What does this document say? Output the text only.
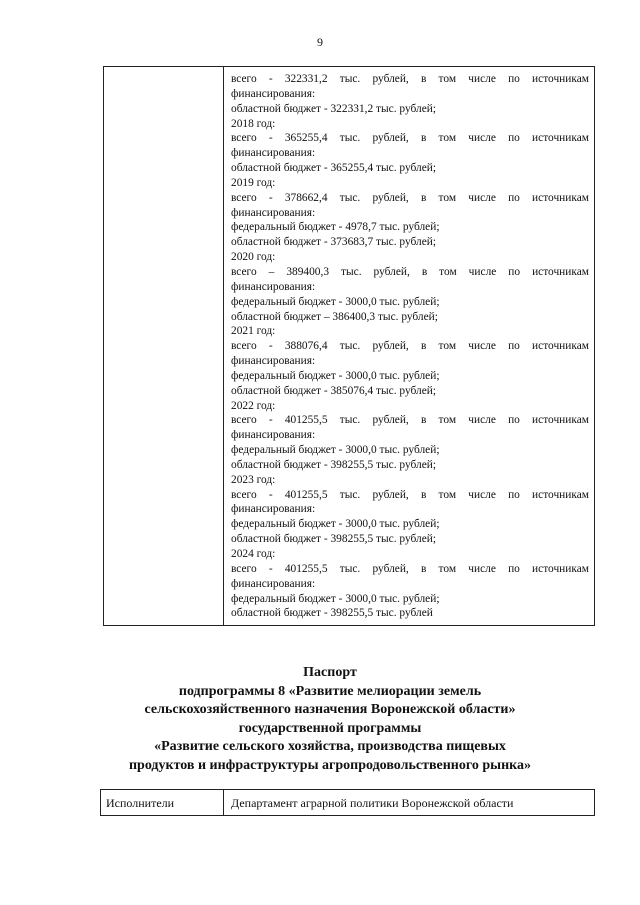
9
всего - 322331,2 тыс. рублей, в том числе по источникам
финансирования:
областной бюджет - 322331,2 тыс. рублей;
2018 год:
всего - 365255,4 тыс. рублей, в том числе по источникам
финансирования:
областной бюджет - 365255,4 тыс. рублей;
2019 год:
всего - 378662,4 тыс. рублей, в том числе по источникам
финансирования:
федеральный бюджет - 4978,7 тыс. рублей;
областной бюджет - 373683,7 тыс. рублей;
2020 год:
всего – 389400,3 тыс. рублей, в том числе по источникам
финансирования:
федеральный бюджет - 3000,0 тыс. рублей;
областной бюджет – 386400,3 тыс. рублей;
2021 год:
всего - 388076,4 тыс. рублей, в том числе по источникам
финансирования:
федеральный бюджет - 3000,0 тыс. рублей;
областной бюджет - 385076,4 тыс. рублей;
2022 год:
всего - 401255,5 тыс. рублей, в том числе по источникам
финансирования:
федеральный бюджет - 3000,0 тыс. рублей;
областной бюджет - 398255,5 тыс. рублей;
2023 год:
всего - 401255,5 тыс. рублей, в том числе по источникам
финансирования:
федеральный бюджет - 3000,0 тыс. рублей;
областной бюджет - 398255,5 тыс. рублей;
2024 год:
всего - 401255,5 тыс. рублей, в том числе по источникам
финансирования:
федеральный бюджет - 3000,0 тыс. рублей;
областной бюджет - 398255,5 тыс. рублей
Паспорт
подпрограммы 8 «Развитие мелиорации земель
сельскохозяйственного назначения Воронежской области»
государственной программы
«Развитие сельского хозяйства, производства пищевых
продуктов и инфраструктуры агропродовольственного рынка»
Исполнители	Департамент аграрной политики Воронежской области
